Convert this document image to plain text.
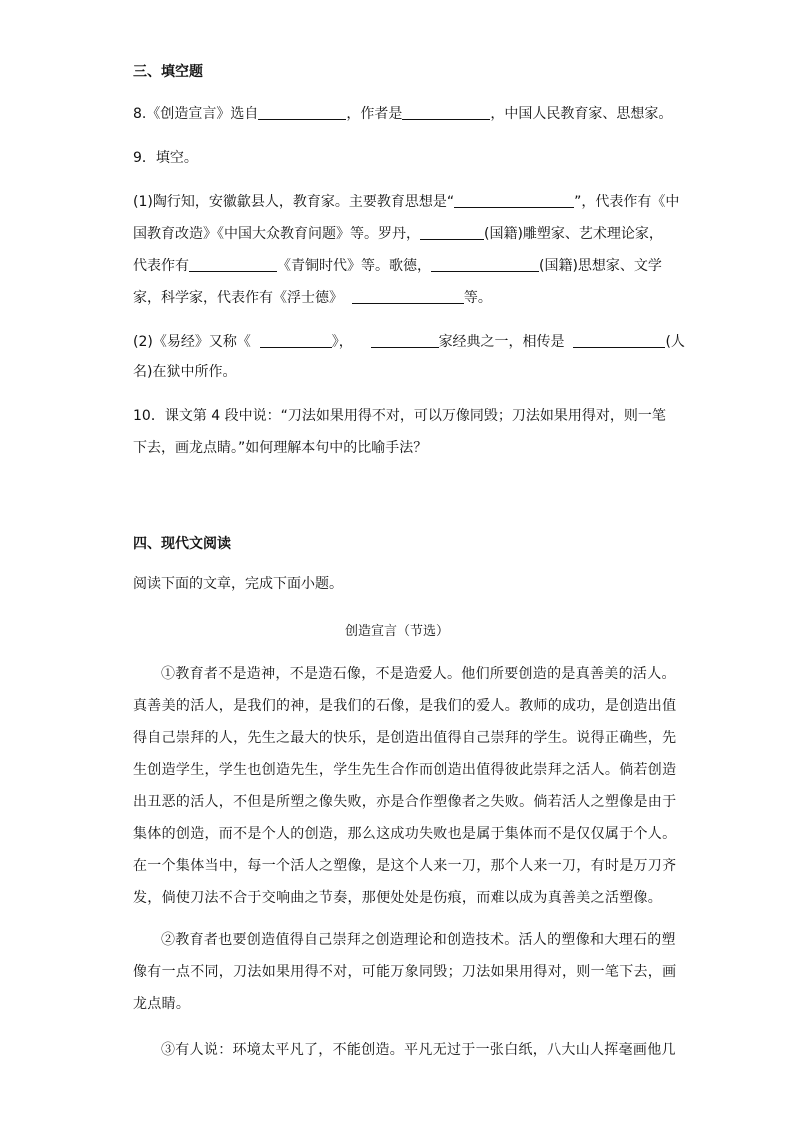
三、填空题
8.《创造宣言》选自	，作者是	，中国人民教育家、思想家。
9．填空。
(1)陶行知，安徽歙县人，教育家。主要教育思想是“	”，代表作有《中
国教育改造》《中国大众教育问题》等。罗丹，	(国籍)雕塑家、艺术理论家，
代表作有	《青铜时代》等。歌德，	(国籍)思想家、文学
家，科学家，代表作有《浮士德》	等。
(2)《易经》又称《	》，	家经典之一，相传是	(人
名)在狱中所作。
10．课文第 4 段中说：“刀法如果用得不对，可以万像同毁；刀法如果用得对，则一笔
下去，画龙点睛。”如何理解本句中的比喻手法？
四、现代文阅读
阅读下面的文章，完成下面小题。
创造宣言（节选）
①教育者不是造神，不是造石像，不是造爱人。他们所要创造的是真善美的活人。
真善美的活人，是我们的神，是我们的石像，是我们的爱人。教师的成功，是创造出值
得自己崇拜的人，先生之最大的快乐，是创造出值得自己崇拜的学生。说得正确些，先
生创造学生，学生也创造先生，学生先生合作而创造出值得彼此崇拜之活人。倘若创造
出丑恶的活人，不但是所塑之像失败，亦是合作塑像者之失败。倘若活人之塑像是由于
集体的创造，而不是个人的创造，那么这成功失败也是属于集体而不是仅仅属于个人。
在一个集体当中，每一个活人之塑像，是这个人来一刀，那个人来一刀，有时是万刀齐
发，倘使刀法不合于交响曲之节奏，那便处处是伤痕，而难以成为真善美之活塑像。
②教育者也要创造值得自己崇拜之创造理论和创造技术。活人的塑像和大理石的塑
像有一点不同，刀法如果用得不对，可能万象同毁；刀法如果用得对，则一笔下去，画
龙点睛。
③有人说：环境太平凡了，不能创造。平凡无过于一张白纸，八大山人挥毫画他几
